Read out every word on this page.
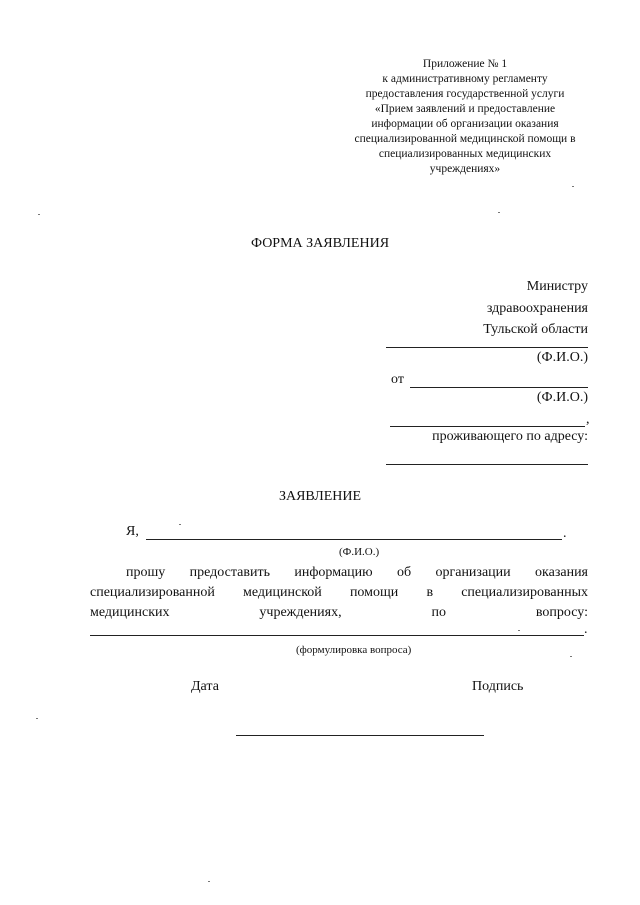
Приложение № 1
к административному регламенту
предоставления государственной услуги
«Прием заявлений и предоставление
информации об организации оказания
специализированной медицинской помощи в
специализированных медицинских
учреждениях»
ФОРМА ЗАЯВЛЕНИЯ
Министру
здравоохранения
Тульской области
(Ф.И.О.)
от
(Ф.И.О.)
,
проживающего по адресу:
ЗАЯВЛЕНИЕ
Я,	.
(Ф.И.О.)
прошу предоставить информацию об организации оказания
специализированной медицинской помощи в специализированных
медицинских учреждениях, по вопросу:
.
(формулировка вопроса)
Дата	Подпись
